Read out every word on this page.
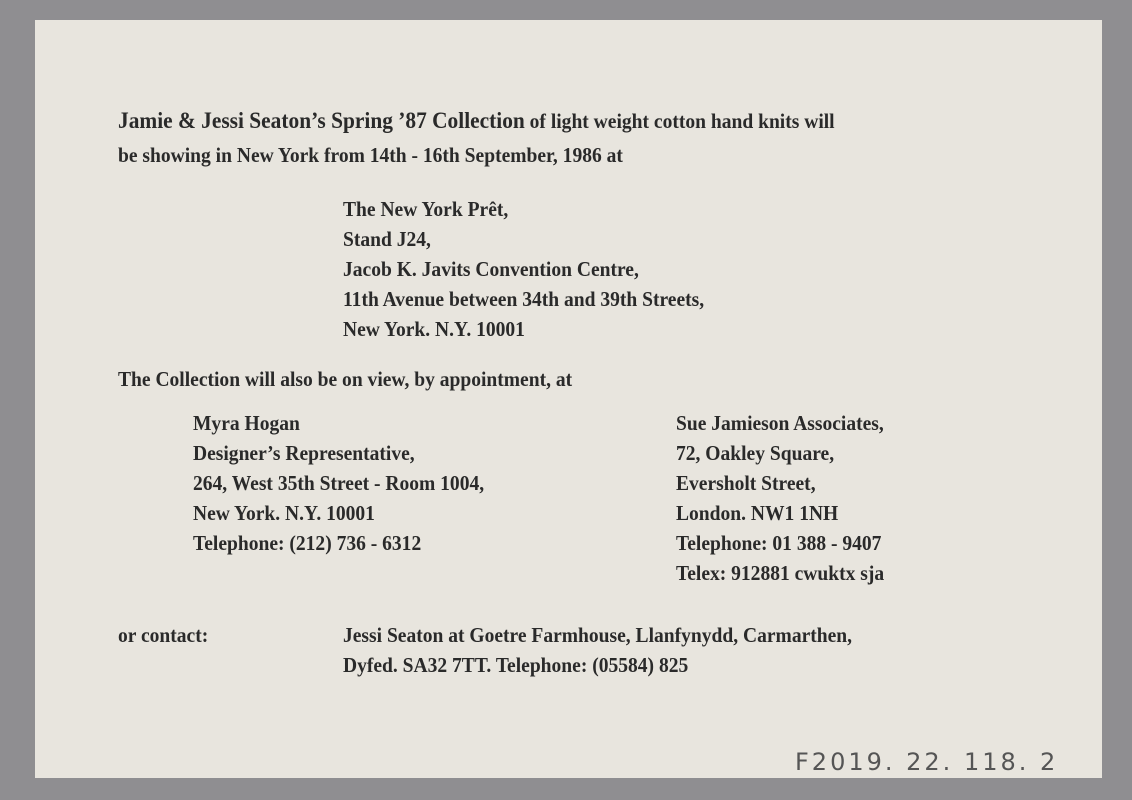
Jamie & Jessi Seaton’s Spring ’87 Collection of light weight cotton hand knits will
be showing in New York from 14th - 16th September, 1986 at
The New York Prêt,
Stand J24,
Jacob K. Javits Convention Centre,
11th Avenue between 34th and 39th Streets,
New York. N.Y. 10001
The Collection will also be on view, by appointment, at
Myra Hogan
Designer’s Representative,
264, West 35th Street - Room 1004,
New York. N.Y. 10001
Telephone: (212) 736 - 6312
Sue Jamieson Associates,
72, Oakley Square,
Eversholt Street,
London. NW1 1NH
Telephone: 01 388 - 9407
Telex: 912881 cwuktx sja
or contact:	Jessi Seaton at Goetre Farmhouse, Llanfynydd, Carmarthen,
Dyfed. SA32 7TT. Telephone: (05584) 825
F2019. 22. 118. 2
